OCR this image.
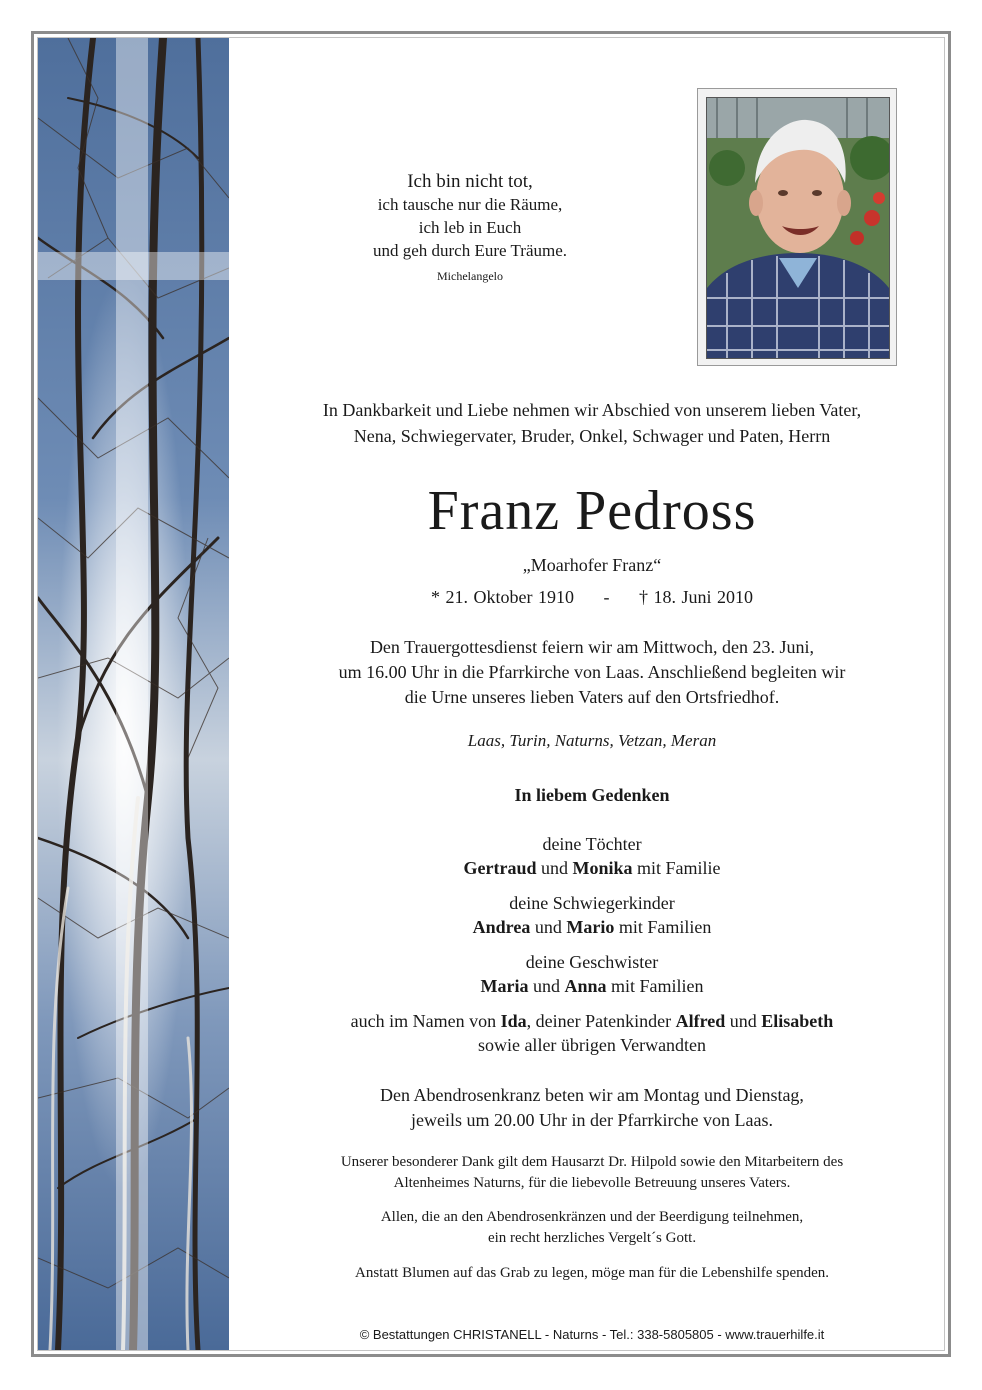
Ich bin nicht tot,
ich tausche nur die Räume,
ich leb in Euch
und geh durch Eure Träume.
Michelangelo
In Dankbarkeit und Liebe nehmen wir Abschied von unserem lieben Vater,
Nena, Schwiegervater, Bruder, Onkel, Schwager und Paten, Herrn
Franz Pedross
„Moarhofer Franz“
* 21. Oktober 1910 - † 18. Juni 2010
Den Trauergottesdienst feiern wir am Mittwoch, den 23. Juni,
um 16.00 Uhr in die Pfarrkirche von Laas. Anschließend begleiten wir
die Urne unseres lieben Vaters auf den Ortsfriedhof.
Laas, Turin, Naturns, Vetzan, Meran
In liebem Gedenken
deine Töchter
Gertraud und Monika mit Familie
deine Schwiegerkinder
Andrea und Mario mit Familien
deine Geschwister
Maria und Anna mit Familien
auch im Namen von Ida, deiner Patenkinder Alfred und Elisabeth
sowie aller übrigen Verwandten
Den Abendrosenkranz beten wir am Montag und Dienstag,
jeweils um 20.00 Uhr in der Pfarrkirche von Laas.
Unserer besonderer Dank gilt dem Hausarzt Dr. Hilpold sowie den Mitarbeitern des
Altenheimes Naturns, für die liebevolle Betreuung unseres Vaters.
Allen, die an den Abendrosenkränzen und der Beerdigung teilnehmen,
ein recht herzliches Vergelt´s Gott.
Anstatt Blumen auf das Grab zu legen, möge man für die Lebenshilfe spenden.
© Bestattungen CHRISTANELL - Naturns - Tel.: 338-5805805 - www.trauerhilfe.it
